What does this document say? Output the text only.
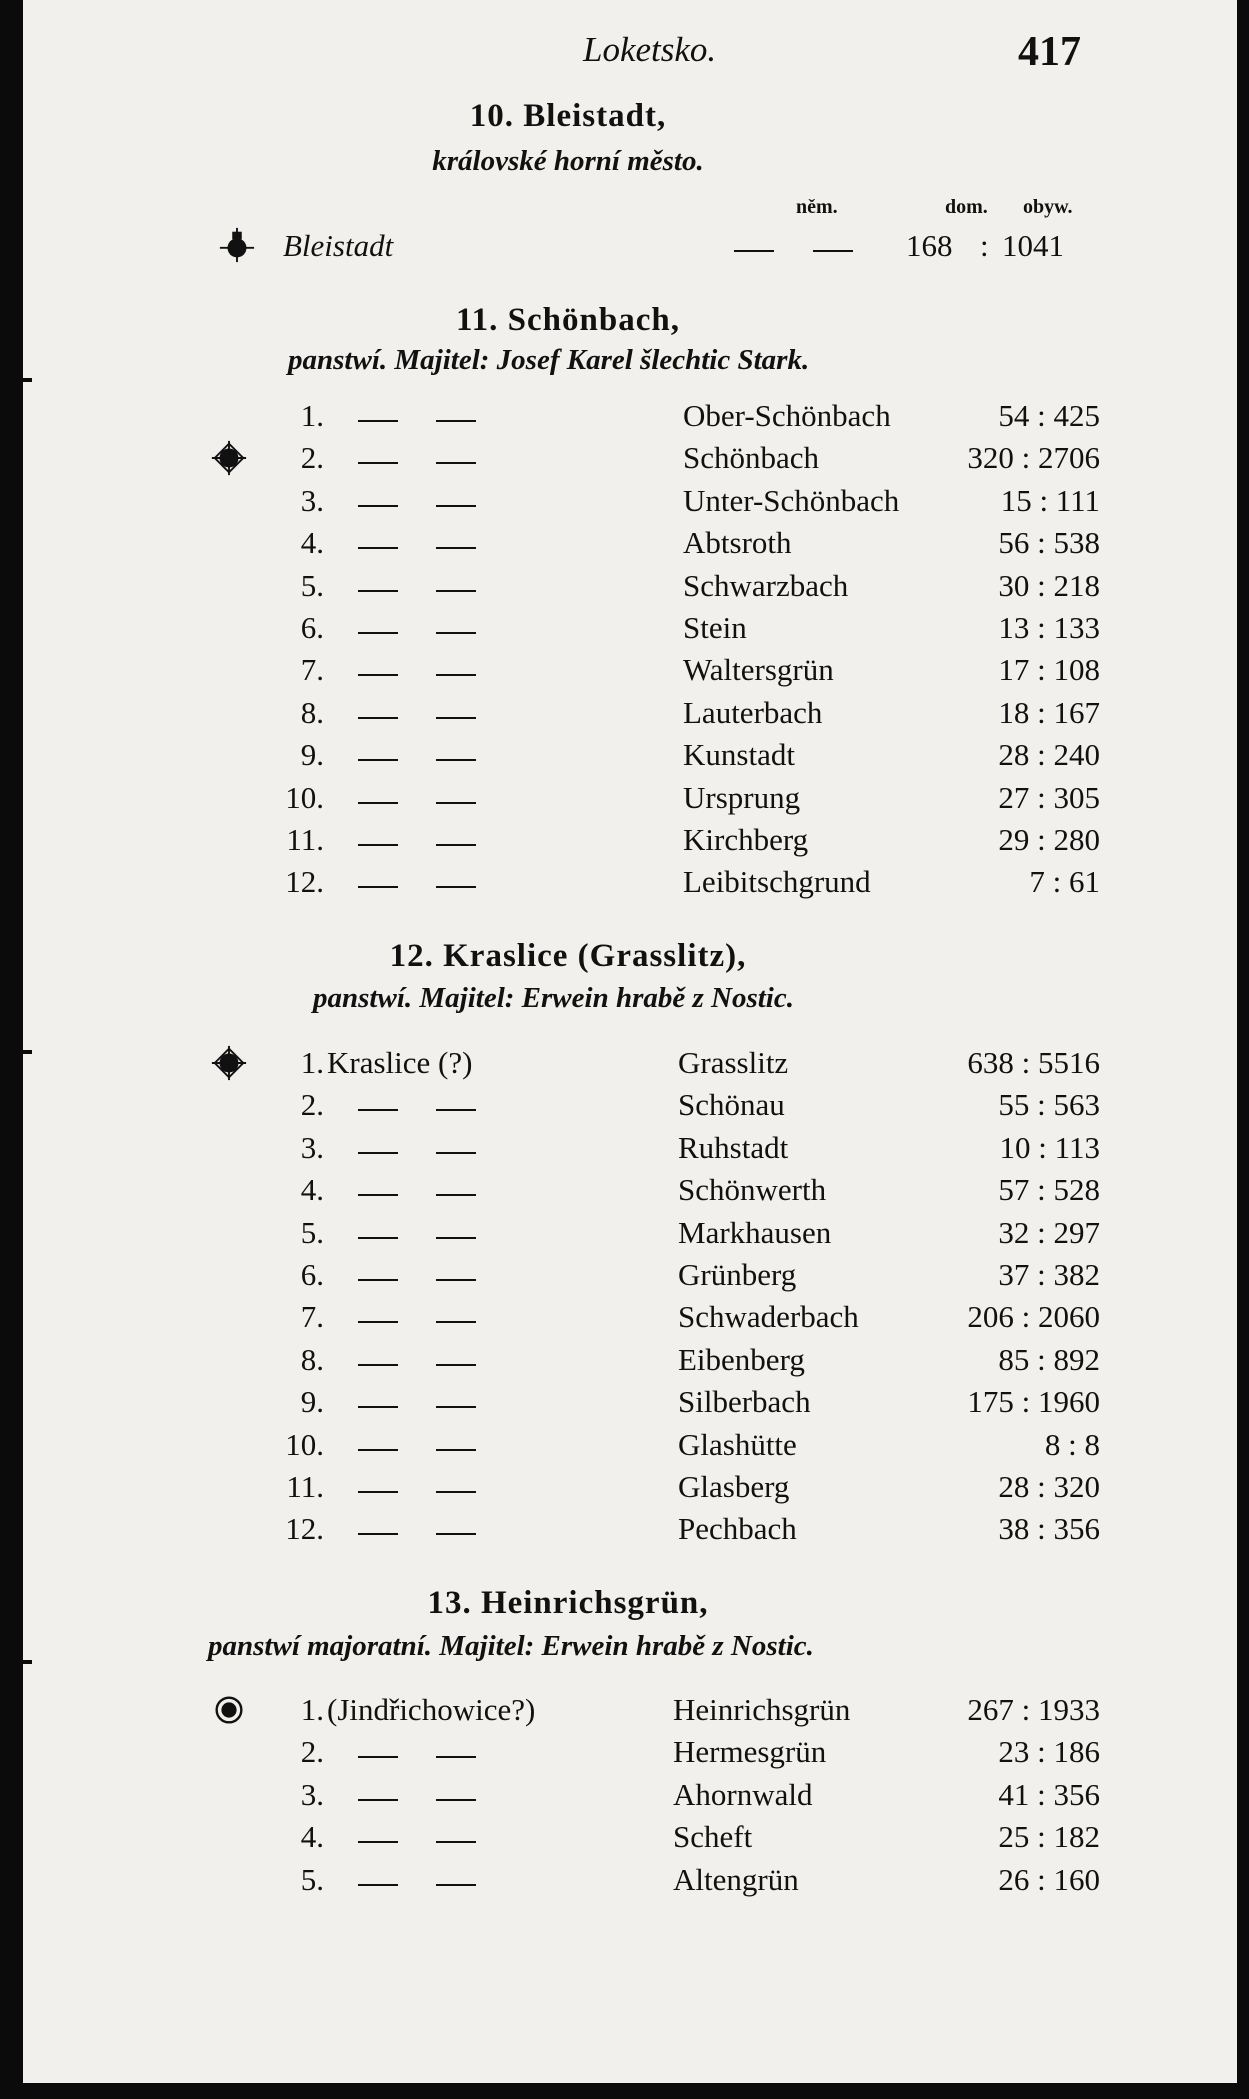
Loketsko.	417
10. Bleistadt,
královské horní město.
něm.	dom. obyw.
Bleistadt	168 : 1041
11. Schönbach,
panstwí. Majitel: Josef Karel šlechtic Stark.
1.	Ober-Schönbach	54 : 425
2.	Schönbach	320 : 2706
3.	Unter-Schönbach	15 : 111
4.	Abtsroth	56 : 538
5.	Schwarzbach	30 : 218
6.	Stein	13 : 133
7.	Waltersgrün	17 : 108
8.	Lauterbach	18 : 167
9.	Kunstadt	28 : 240
10.	Ursprung	27 : 305
11.	Kirchberg	29 : 280
12.	Leibitschgrund	7 : 61
12. Kraslice (Grasslitz),
panstwí. Majitel: Erwein hrabě z Nostic.
1. Kraslice (?)	Grasslitz	638 : 5516
2.	Schönau	55 : 563
3.	Ruhstadt	10 : 113
4.	Schönwerth	57 : 528
5.	Markhausen	32 : 297
6.	Grünberg	37 : 382
7.	Schwaderbach	206 : 2060
8.	Eibenberg	85 : 892
9.	Silberbach	175 : 1960
10.	Glashütte	8 : 8
11.	Glasberg	28 : 320
12.	Pechbach	38 : 356
13. Heinrichsgrün,
panstwí majoratní. Majitel: Erwein hrabě z Nostic.
1. (Jindřichowice?)	Heinrichsgrün	267 : 1933
2.	Hermesgrün	23 : 186
3.	Ahornwald	41 : 356
4.	Scheft	25 : 182
5.	Altengrün	26 : 160
